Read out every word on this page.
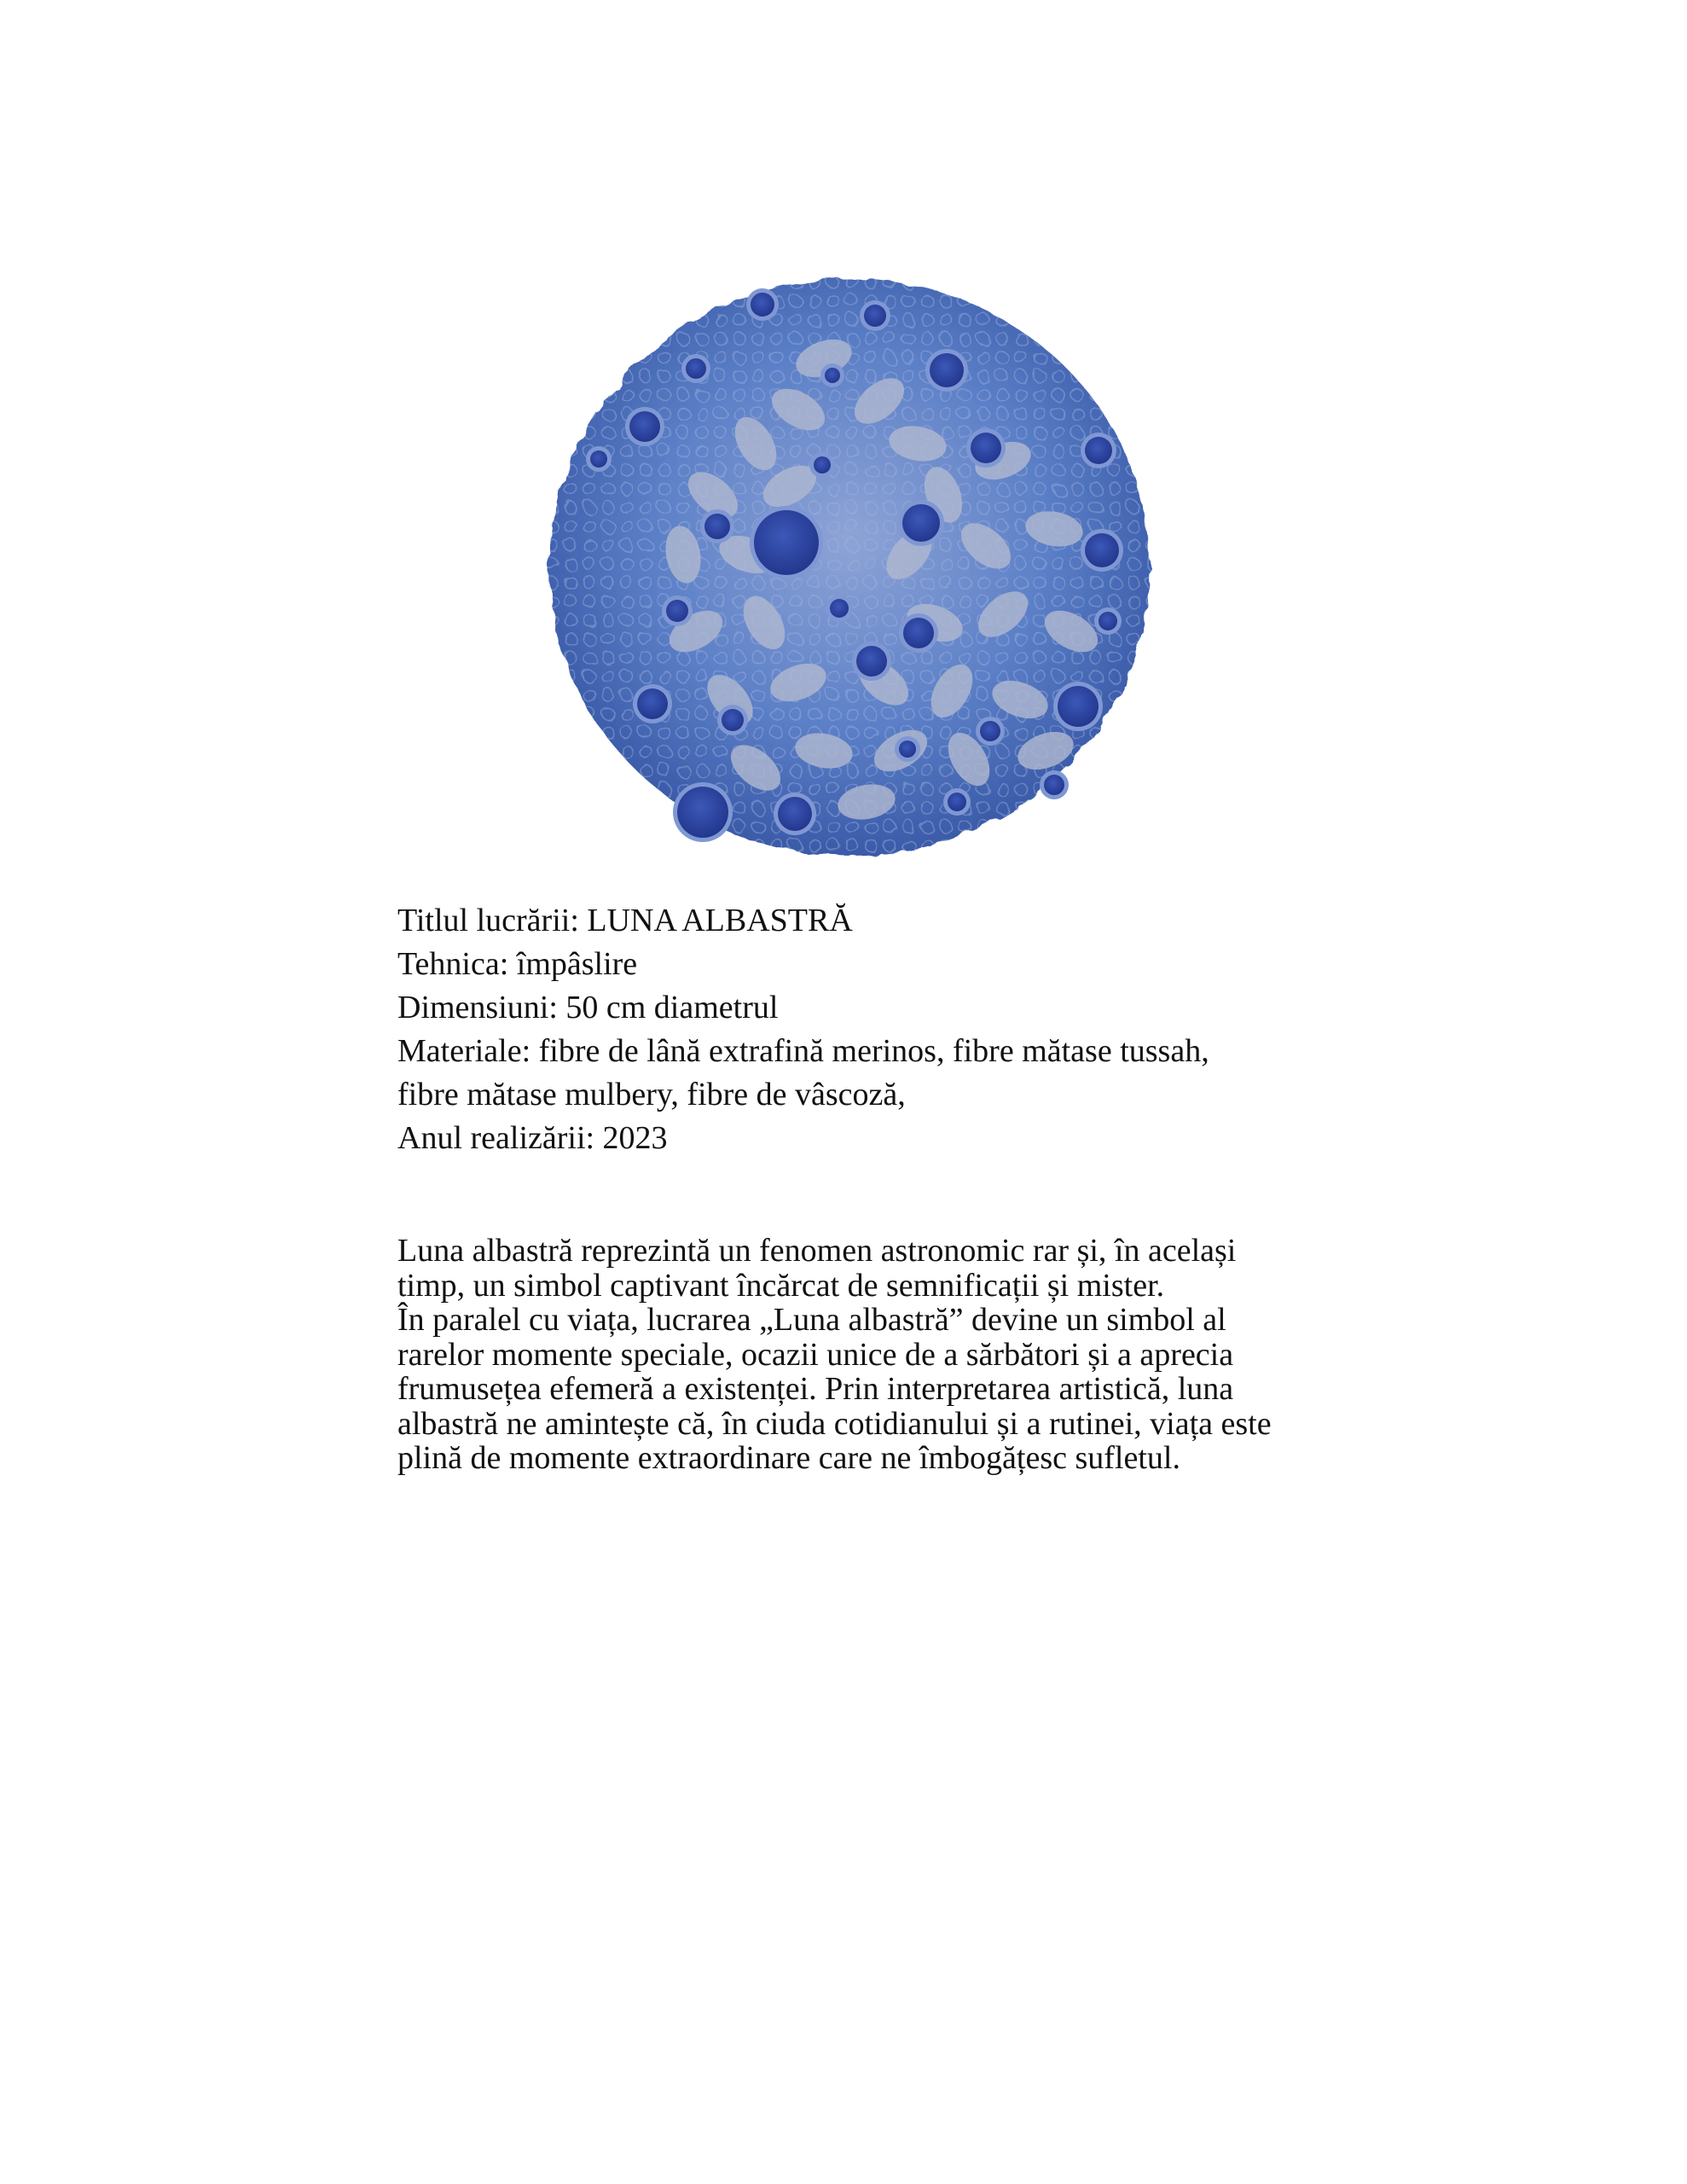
Titlul lucrării: LUNA ALBASTRĂ
Tehnica: împâslire
Dimensiuni: 50 cm diametrul
Materiale: fibre de lână extrafină merinos, fibre mătase tussah,
fibre mătase mulbery, fibre de vâscoză,
Anul realizării: 2023
Luna albastră reprezintă un fenomen astronomic rar și, în același
timp, un simbol captivant încărcat de semnificații și mister.
În paralel cu viața, lucrarea „Luna albastră” devine un simbol al
rarelor momente speciale, ocazii unice de a sărbători și a aprecia
frumusețea efemeră a existenței. Prin interpretarea artistică, luna
albastră ne amintește că, în ciuda cotidianului și a rutinei, viața este
plină de momente extraordinare care ne îmbogățesc sufletul.
